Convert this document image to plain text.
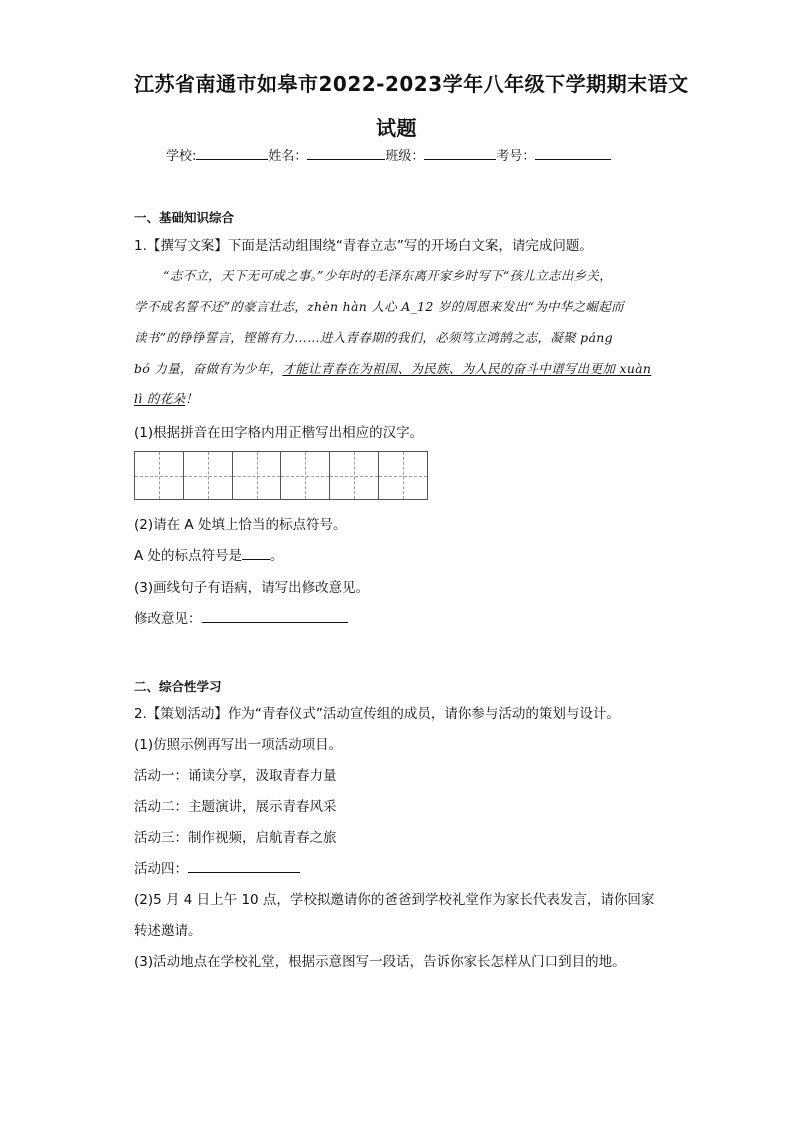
江苏省南通市如皋市2022-2023学年八年级下学期期末语文
试题
学校:	姓名：	班级：	考号：
一、基础知识综合
1.【撰写文案】下面是活动组围绕“青春立志”写的开场白文案，请完成问题。
“志不立，天下无可成之事。”少年时的毛泽东离开家乡时写下“孩儿立志出乡关，
学不成名誓不还”的豪言壮志，zhèn hàn 人心 A_12 岁的周恩来发出“为中华之崛起而
读书”的铮铮誓言，铿锵有力……进入青春期的我们，必须笃立鸿鹄之志，凝聚 páng
bó 力量，奋做有为少年，才能让青春在为祖国、为民族、为人民的奋斗中谱写出更加 xuàn
lì 的花朵！
(1)根据拼音在田字格内用正楷写出相应的汉字。
(2)请在 A 处填上恰当的标点符号。
A 处的标点符号是 。
(3)画线句子有语病，请写出修改意见。
修改意见：
二、综合性学习
2.【策划活动】作为“青春仪式”活动宣传组的成员，请你参与活动的策划与设计。
(1)仿照示例再写出一项活动项目。
活动一：诵读分享，汲取青春力量
活动二：主题演讲，展示青春风采
活动三：制作视频，启航青春之旅
活动四：
(2)5 月 4 日上午 10 点，学校拟邀请你的爸爸到学校礼堂作为家长代表发言，请你回家
转述邀请。
(3)活动地点在学校礼堂，根据示意图写一段话，告诉你家长怎样从门口到目的地。
